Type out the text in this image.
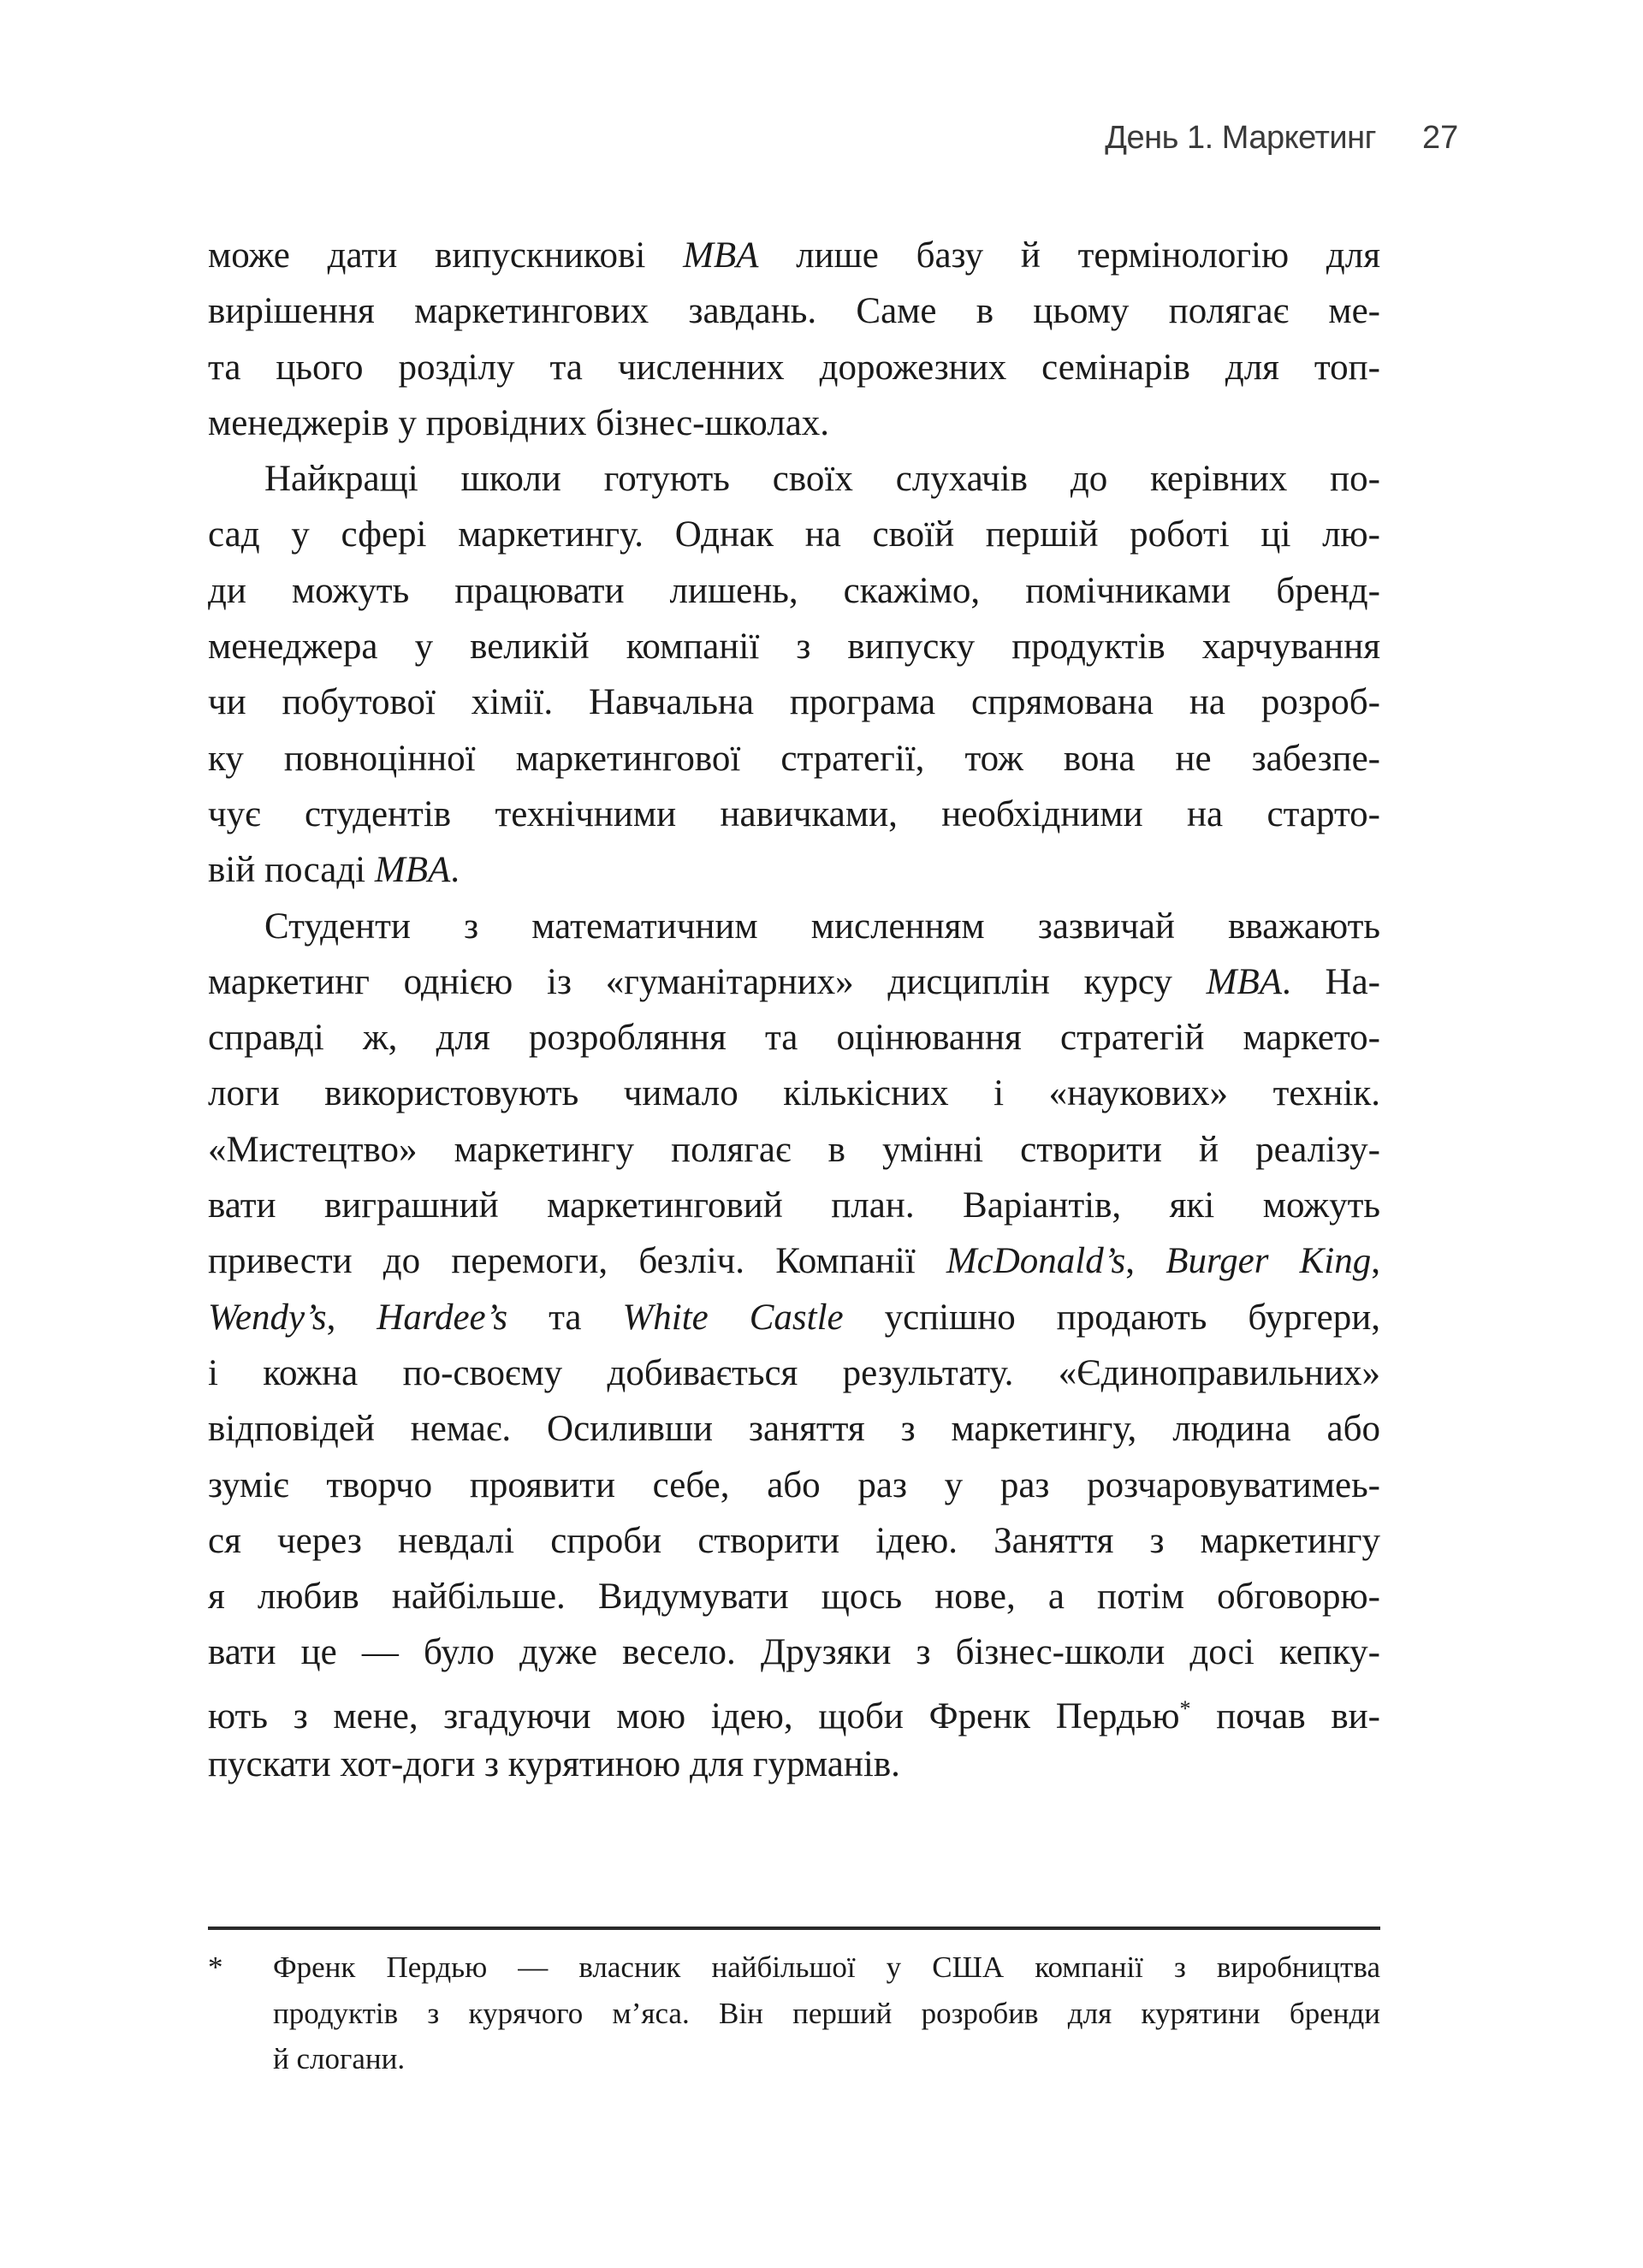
День 1. Маркетинг 27
може дати випускникові MBA лише базу й термінологію для
вирішення маркетингових завдань. Саме в цьому полягає ме-
та цього розділу та численних дорожезних семінарів для топ-
менеджерів у провідних бізнес-школах.
Найкращі школи готують своїх слухачів до керівних по-
сад у сфері маркетингу. Однак на своїй першій роботі ці лю-
ди можуть працювати лишень, скажімо, помічниками бренд-
менеджера у великій компанії з випуску продуктів харчування
чи побутової хімії. Навчальна програма спрямована на розроб-
ку повноцінної маркетингової стратегії, тож вона не забезпе-
чує студентів технічними навичками, необхідними на старто-
вій посаді MBA.
Студенти з математичним мисленням зазвичай вважають
маркетинг однією із «гуманітарних» дисциплін курсу MBA. На-
справді ж, для розробляння та оцінювання стратегій маркето-
логи використовують чимало кількісних і «наукових» технік.
«Мистецтво» маркетингу полягає в умінні створити й реалізу-
вати виграшний маркетинговий план. Варіантів, які можуть
привести до перемоги, безліч. Компанії McDonald’s, Burger King,
Wendy’s, Hardee’s та White Castle успішно продають бургери,
і кожна по-своєму добивається результату. «Єдиноправильних»
відповідей немає. Осиливши заняття з маркетингу, людина або
зуміє творчо проявити себе, або раз у раз розчаровуватимеь-
ся через невдалі спроби створити ідею. Заняття з маркетингу
я любив найбільше. Видумувати щось нове, а потім обговорю-
вати це — було дуже весело. Друзяки з бізнес-школи досі кепку-
ють з мене, згадуючи мою ідею, щоби Френк Пердью* почав ви-
пускати хот-доги з курятиною для гурманів.
* Френк Пердью — власник найбільшої у США компанії з виробництва
продуктів з курячого м’яса. Він перший розробив для курятини бренди
й слогани.
